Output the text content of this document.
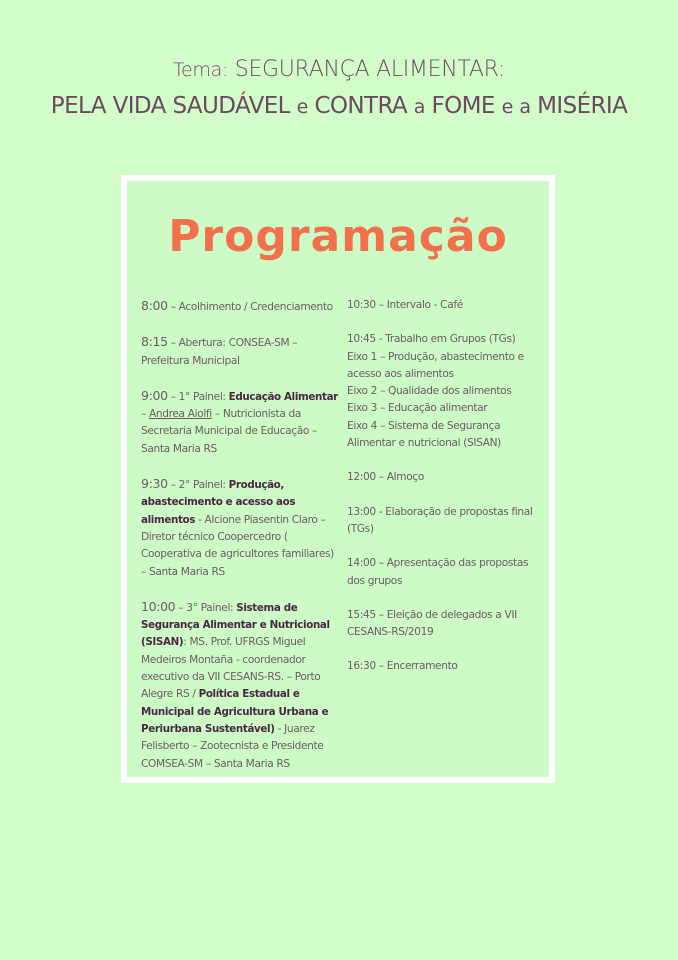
Tema: SEGURANÇA ALIMENTAR:
PELA VIDA SAUDÁVEL e CONTRA a FOME e a MISÉRIA
Programação
8:00 – Acolhimento / Credenciamento
8:15 – Abertura: CONSEA-SM – Prefeitura Municipal
9:00 – 1° Painel: Educação Alimentar – Andrea Aiolfi – Nutricionista da Secretaria Municipal de Educação – Santa Maria RS
9:30 – 2° Painel: Produção, abastecimento e acesso aos alimentos - Alcione Piasentin Claro – Diretor técnico Coopercedro ( Cooperativa de agricultores familiares) – Santa Maria RS
10:00 – 3° Painel: Sistema de Segurança Alimentar e Nutricional (SISAN): MS. Prof. UFRGS Miguel Medeiros Montaña - coordenador executivo da VII CESANS-RS. – Porto Alegre RS / Política Estadual e Municipal de Agricultura Urbana e Periurbana Sustentável) - Juarez Felisberto – Zootecnista e Presidente COMSEA-SM – Santa Maria RS
10:30 – Intervalo - Café
10:45 - Trabalho em Grupos (TGs)
Eixo 1 – Produção, abastecimento e acesso aos alimentos
Eixo 2 – Qualidade dos alimentos
Eixo 3 – Educação alimentar
Eixo 4 – Sistema de Segurança Alimentar e nutricional (SISAN)
12:00 – Almoço
13:00 - Elaboração de propostas final (TGs)
14:00 – Apresentação das propostas dos grupos
15:45 – Eleição de delegados a VII CESANS-RS/2019
16:30 – Encerramento
